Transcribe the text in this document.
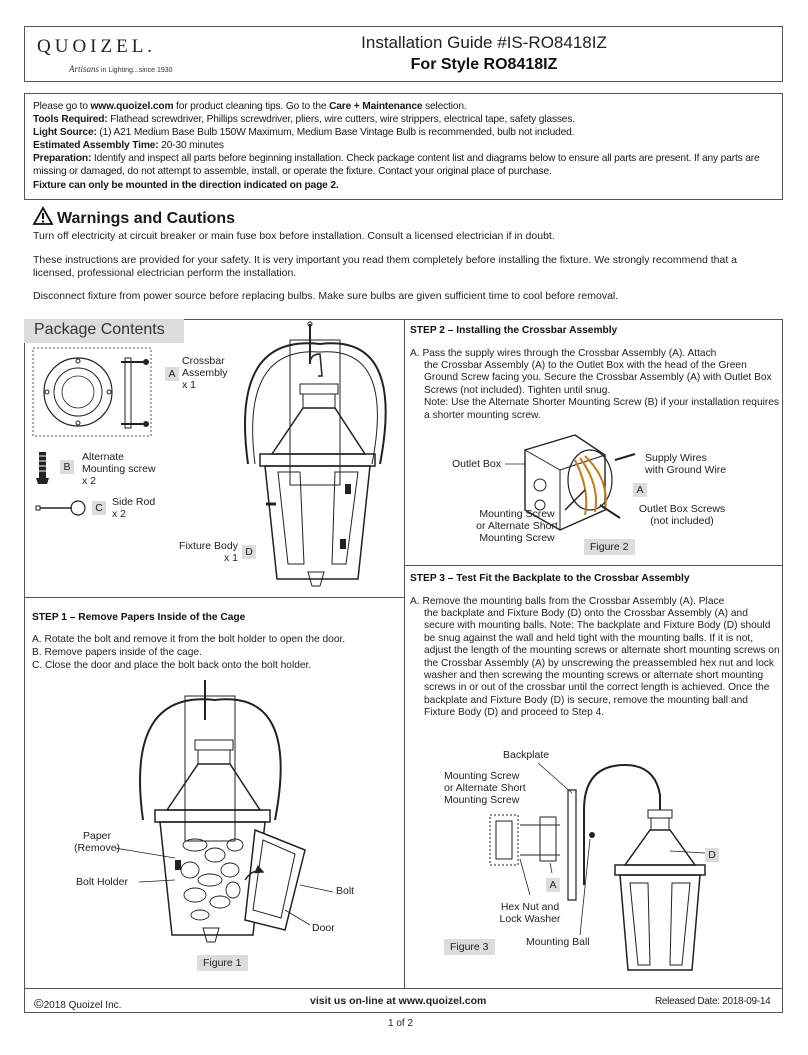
QUOIZEL.
Artisans in Lighting...since 1930
Installation Guide #IS-RO8418IZ
For Style RO8418IZ
Please go to www.quoizel.com for product cleaning tips. Go to the Care + Maintenance selection.
Tools Required: Flathead screwdriver, Phillips screwdriver, pliers, wire cutters, wire strippers, electrical tape, safety glasses.
Light Source: (1) A21 Medium Base Bulb 150W Maximum, Medium Base Vintage Bulb is recommended, bulb not included.
Estimated Assembly Time: 20-30 minutes
Preparation: Identify and inspect all parts before beginning installation. Check package content list and diagrams below to ensure all parts are present. If any parts are missing or damaged, do not attempt to assemble, install, or operate the fixture. Contact your original place of purchase.
Fixture can only be mounted in the direction indicated on page 2.
Warnings and Cautions
Turn off electricity at circuit breaker or main fuse box before installation. Consult a licensed electrician if in doubt.
These instructions are provided for your safety. It is very important you read them completely before installing the fixture. We strongly recommend that a licensed, professional electrician perform the installation.
Disconnect fixture from power source before replacing bulbs. Make sure bulbs are given sufficient time to cool before removal.
Package Contents
A
Crossbar
Assembly
x 1
B
Alternate
Mounting screw
x 2
C Side Rod
x 2
Fixture Body
x 1 D
STEP 1 – Remove Papers Inside of the Cage
A. Rotate the bolt and remove it from the bolt holder to open the door.
B. Remove papers inside of the cage.
C. Close the door and place the bolt back onto the bolt holder.
Paper
(Remove)
Bolt Holder
Bolt
Door
Figure 1
STEP 2 – Installing the Crossbar Assembly
A. Pass the supply wires through the Crossbar Assembly (A). Attach
the Crossbar Assembly (A) to the Outlet Box with the head of the Green Ground Screw facing you. Secure the Crossbar Assembly (A) with Outlet Box Screws (not included). Tighten until snug.
Note: Use the Alternate Shorter Mounting Screw (B) if your installation requires a shorter mounting screw.
Outlet Box	Supply Wires
with Ground Wire
A
Mounting Screw
or Alternate Short
Mounting Screw
Outlet Box Screws
(not included)
Figure 2
STEP 3 – Test Fit the Backplate to the Crossbar Assembly
A. Remove the mounting balls from the Crossbar Assembly (A). Place
the backplate and Fixture Body (D) onto the Crossbar Assembly (A) and secure with mounting balls. Note: The backplate and Fixture Body (D) should be snug against the wall and held tight with the mounting balls. If it is not, adjust the length of the mounting screws or alternate short mounting screws on the Crossbar Assembly (A) by unscrewing the preassembled hex nut and lock washer and then screwing the mounting screws or alternate short mounting screws in or out of the crossbar until the correct length is achieved. Once the backplate and Fixture Body (D) is secure, remove the mounting ball and Fixture Body (D) and proceed to Step 4.
Backplate
Mounting Screw
or Alternate Short
Mounting Screw
D
A
Hex Nut and
Lock Washer
Mounting Ball
Figure 3
©2018 Quoizel Inc.	visit us on-line at www.quoizel.com	Released Date: 2018-09-14
1 of 2
